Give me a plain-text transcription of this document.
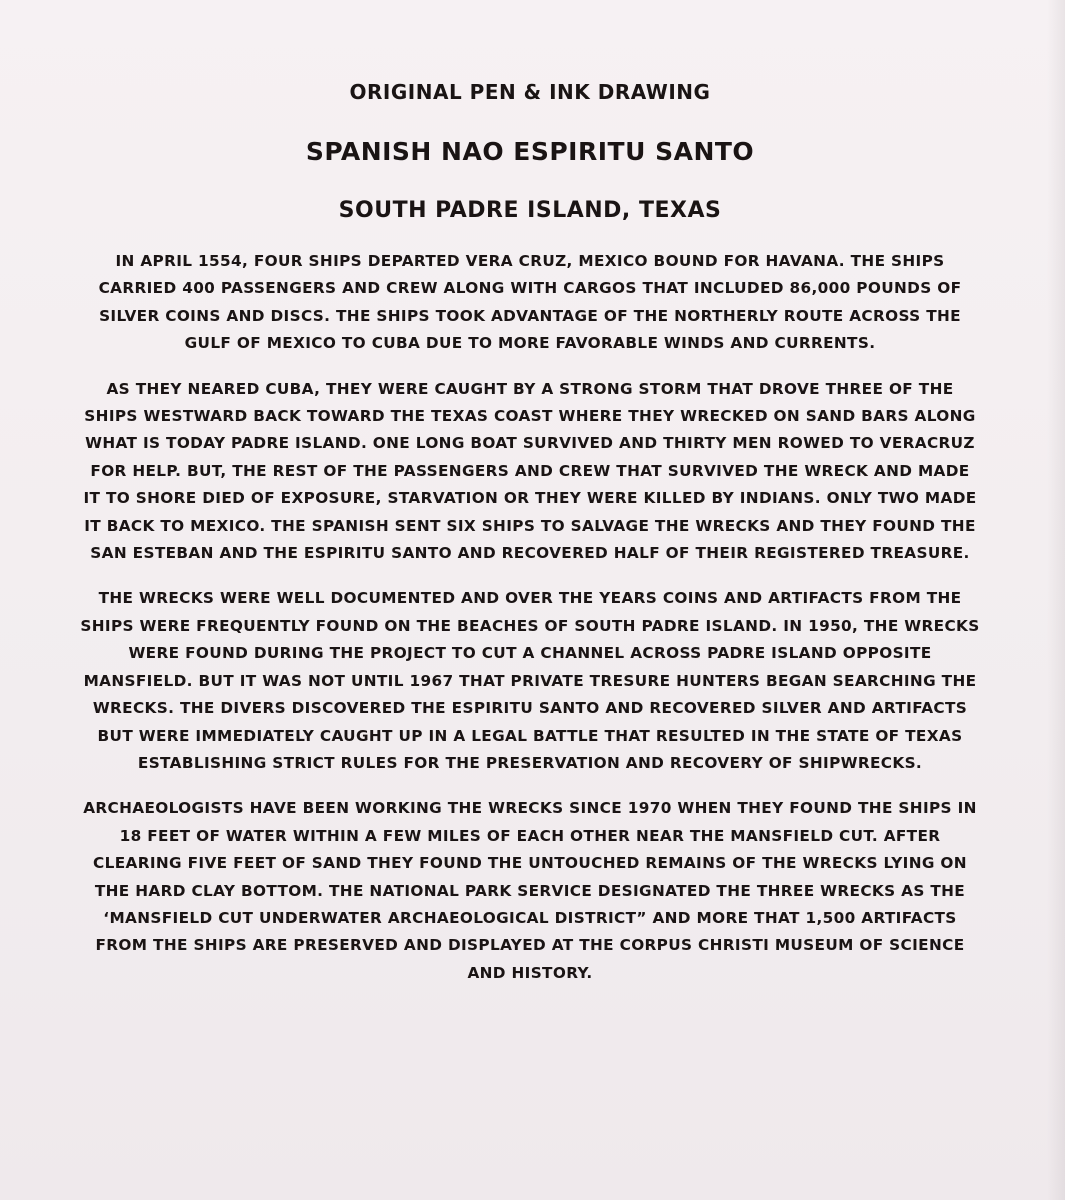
ORIGINAL PEN & INK DRAWING
SPANISH NAO ESPIRITU SANTO
SOUTH PADRE ISLAND, TEXAS

IN APRIL 1554, FOUR SHIPS DEPARTED VERA CRUZ, MEXICO BOUND FOR HAVANA. THE SHIPS CARRIED 400 PASSENGERS AND CREW ALONG WITH CARGOS THAT INCLUDED 86,000 POUNDS OF SILVER COINS AND DISCS. THE SHIPS TOOK ADVANTAGE OF THE NORTHERLY ROUTE ACROSS THE GULF OF MEXICO TO CUBA DUE TO MORE FAVORABLE WINDS AND CURRENTS.

AS THEY NEARED CUBA, THEY WERE CAUGHT BY A STRONG STORM THAT DROVE THREE OF THE SHIPS WESTWARD BACK TOWARD THE TEXAS COAST WHERE THEY WRECKED ON SAND BARS ALONG WHAT IS TODAY PADRE ISLAND. ONE LONG BOAT SURVIVED AND THIRTY MEN ROWED TO VERACRUZ FOR HELP. BUT, THE REST OF THE PASSENGERS AND CREW THAT SURVIVED THE WRECK AND MADE IT TO SHORE DIED OF EXPOSURE, STARVATION OR THEY WERE KILLED BY INDIANS. ONLY TWO MADE IT BACK TO MEXICO. THE SPANISH SENT SIX SHIPS TO SALVAGE THE WRECKS AND THEY FOUND THE SAN ESTEBAN AND THE ESPIRITU SANTO AND RECOVERED HALF OF THEIR REGISTERED TREASURE.

THE WRECKS WERE WELL DOCUMENTED AND OVER THE YEARS COINS AND ARTIFACTS FROM THE SHIPS WERE FREQUENTLY FOUND ON THE BEACHES OF SOUTH PADRE ISLAND. IN 1950, THE WRECKS WERE FOUND DURING THE PROJECT TO CUT A CHANNEL ACROSS PADRE ISLAND OPPOSITE MANSFIELD. BUT IT WAS NOT UNTIL 1967 THAT PRIVATE TRESURE HUNTERS BEGAN SEARCHING THE WRECKS. THE DIVERS DISCOVERED THE ESPIRITU SANTO AND RECOVERED SILVER AND ARTIFACTS BUT WERE IMMEDIATELY CAUGHT UP IN A LEGAL BATTLE THAT RESULTED IN THE STATE OF TEXAS ESTABLISHING STRICT RULES FOR THE PRESERVATION AND RECOVERY OF SHIPWRECKS.

ARCHAEOLOGISTS HAVE BEEN WORKING THE WRECKS SINCE 1970 WHEN THEY FOUND THE SHIPS IN 18 FEET OF WATER WITHIN A FEW MILES OF EACH OTHER NEAR THE MANSFIELD CUT. AFTER CLEARING FIVE FEET OF SAND THEY FOUND THE UNTOUCHED REMAINS OF THE WRECKS LYING ON THE HARD CLAY BOTTOM. THE NATIONAL PARK SERVICE DESIGNATED THE THREE WRECKS AS THE ‘MANSFIELD CUT UNDERWATER ARCHAEOLOGICAL DISTRICT” AND MORE THAT 1,500 ARTIFACTS FROM THE SHIPS ARE PRESERVED AND DISPLAYED AT THE CORPUS CHRISTI MUSEUM OF SCIENCE AND HISTORY.
